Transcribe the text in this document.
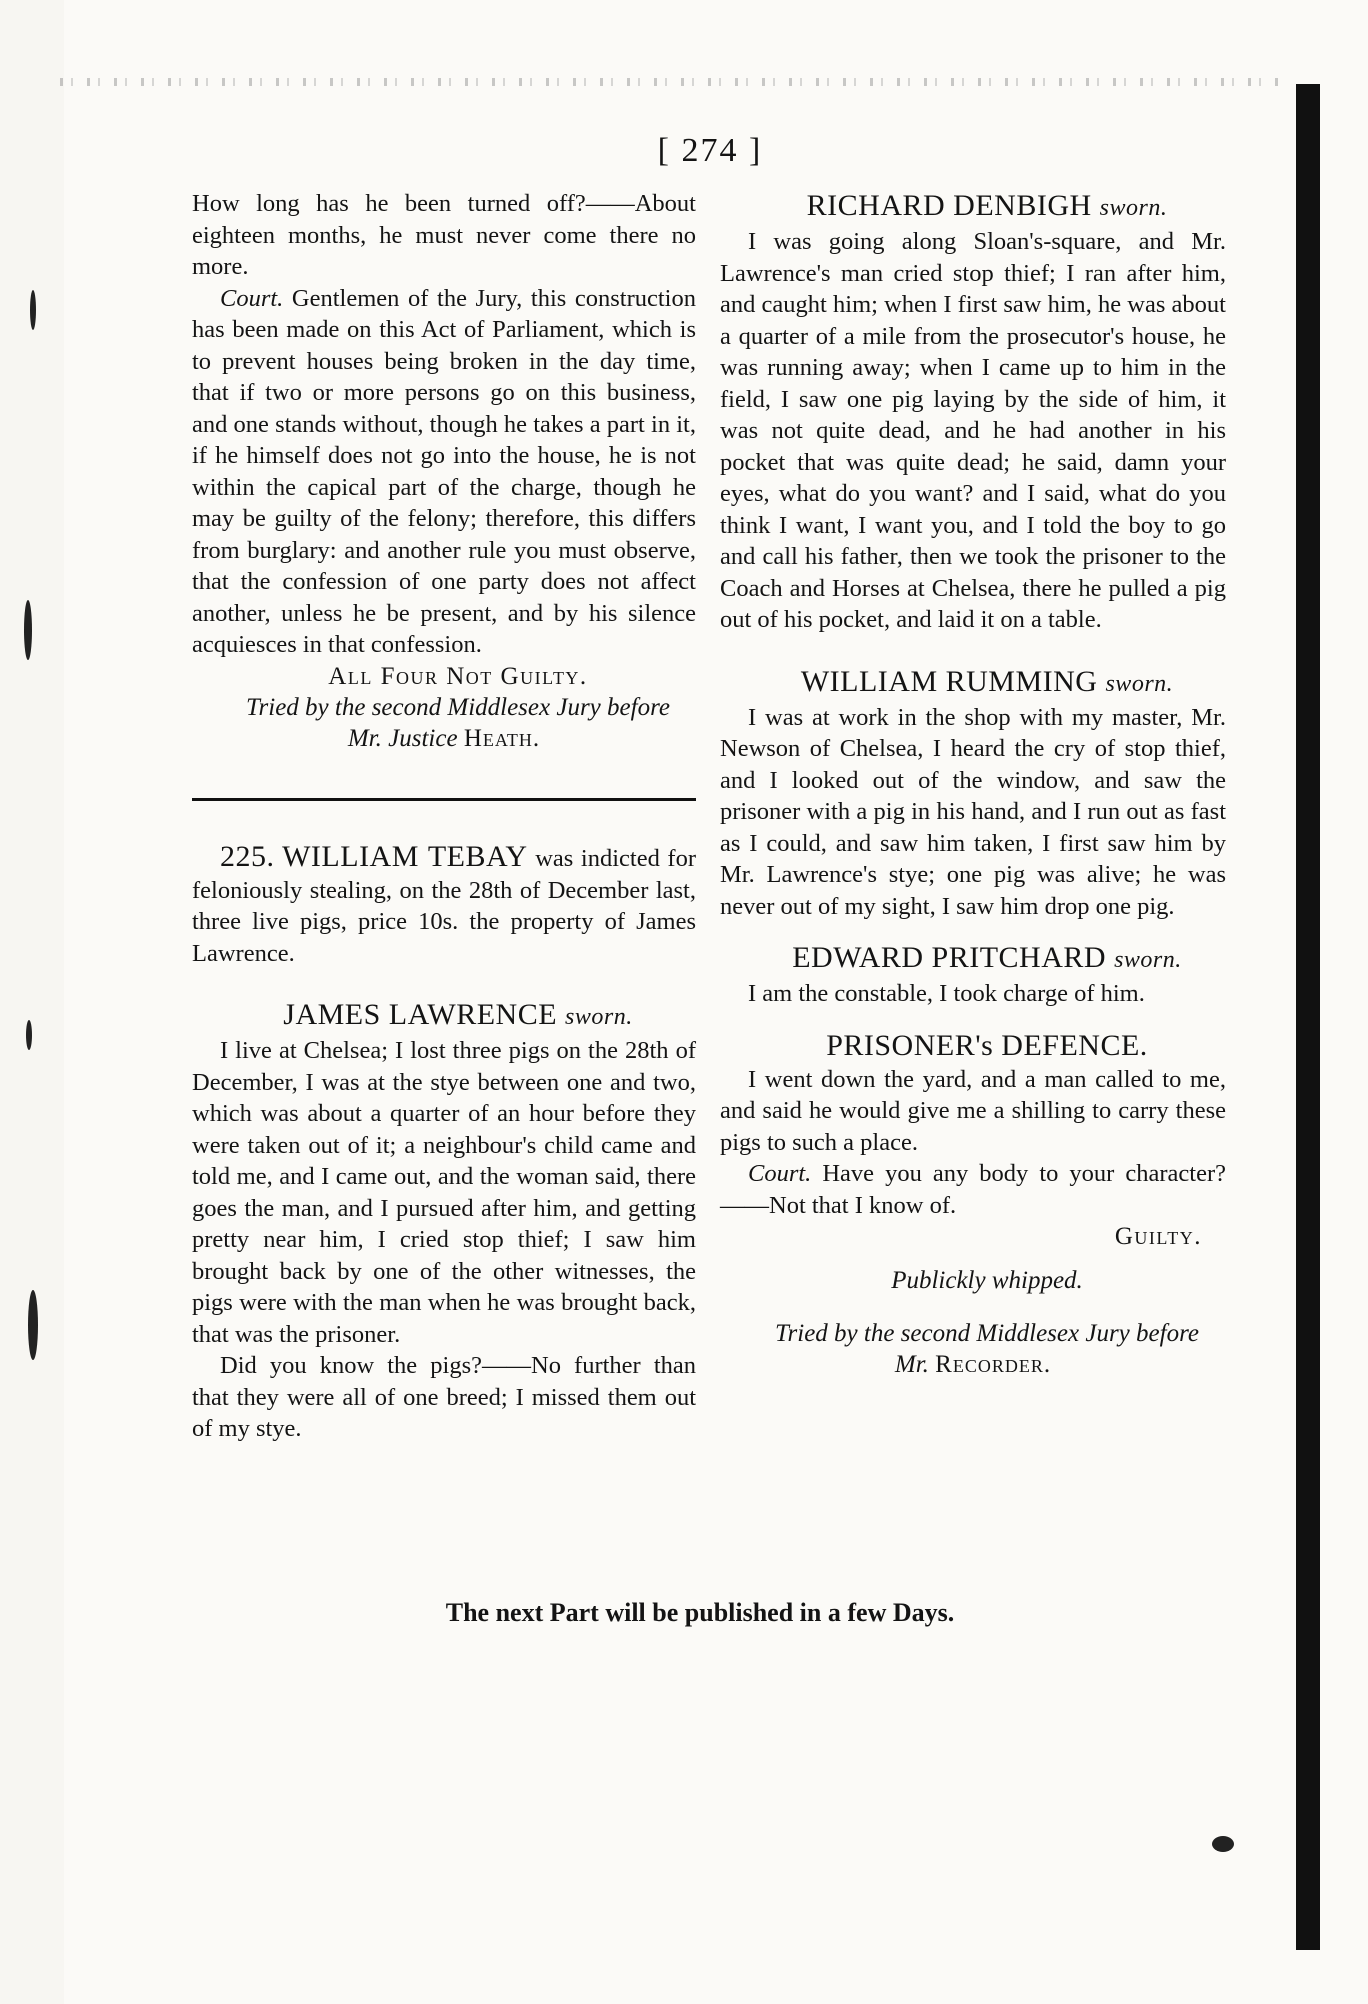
[ 274 ]

How long has he been turned off?——About eighteen months, he must never come there no more.

Court. Gentlemen of the Jury, this construction has been made on this Act of Parliament, which is to prevent houses being broken in the day time, that if two or more persons go on this business, and one stands without, though he takes a part in it, if he himself does not go into the house, he is not within the capical part of the charge, though he may be guilty of the felony; therefore, this differs from burglary: and another rule you must observe, that the confession of one party does not affect another, unless he be present, and by his silence acquiesces in that confession.

All Four Not Guilty.

Tried by the second Middlesex Jury before
Mr. Justice Heath.

225. WILLIAM TEBAY was indicted for feloniously stealing, on the 28th of December last, three live pigs, price 10s. the property of James Lawrence.

JAMES LAWRENCE sworn.

I live at Chelsea; I lost three pigs on the 28th of December, I was at the stye between one and two, which was about a quarter of an hour before they were taken out of it; a neighbour's child came and told me, and I came out, and the woman said, there goes the man, and I pursued after him, and getting pretty near him, I cried stop thief; I saw him brought back by one of the other witnesses, the pigs were with the man when he was brought back, that was the prisoner.

Did you know the pigs?——No further than that they were all of one breed; I missed them out of my stye.

RICHARD DENBIGH sworn.

I was going along Sloan's-square, and Mr. Lawrence's man cried stop thief; I ran after him, and caught him; when I first saw him, he was about a quarter of a mile from the prosecutor's house, he was running away; when I came up to him in the field, I saw one pig laying by the side of him, it was not quite dead, and he had another in his pocket that was quite dead; he said, damn your eyes, what do you want? and I said, what do you think I want, I want you, and I told the boy to go and call his father, then we took the prisoner to the Coach and Horses at Chelsea, there he pulled a pig out of his pocket, and laid it on a table.

WILLIAM RUMMING sworn.

I was at work in the shop with my master, Mr. Newson of Chelsea, I heard the cry of stop thief, and I looked out of the window, and saw the prisoner with a pig in his hand, and I run out as fast as I could, and saw him taken, I first saw him by Mr. Lawrence's stye; one pig was alive; he was never out of my sight, I saw him drop one pig.

EDWARD PRITCHARD sworn.

I am the constable, I took charge of him.

PRISONER's DEFENCE.

I went down the yard, and a man called to me, and said he would give me a shilling to carry these pigs to such a place.

Court. Have you any body to your character?——Not that I know of.

Guilty.

Publickly whipped.

Tried by the second Middlesex Jury before
Mr. Recorder.

The next Part will be published in a few Days.
